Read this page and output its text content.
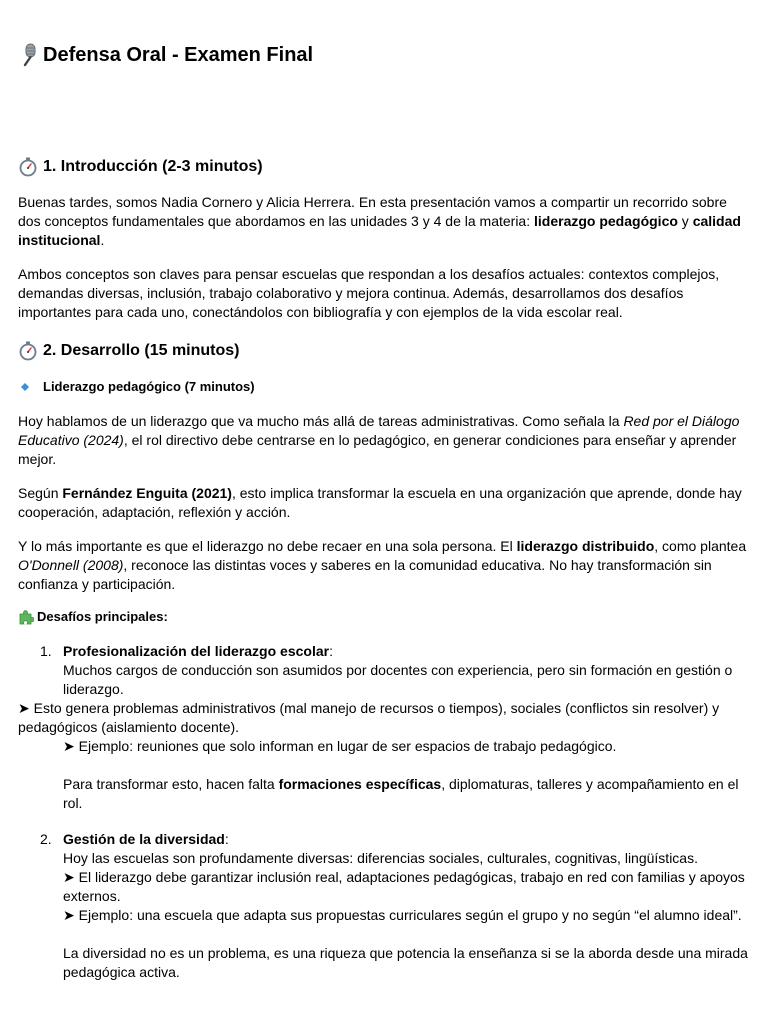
Defensa Oral - Examen Final
1. Introducción (2-3 minutos)

Buenas tardes, somos Nadia Cornero y Alicia Herrera. En esta presentación vamos a compartir un recorrido sobre dos conceptos fundamentales que abordamos en las unidades 3 y 4 de la materia: liderazgo pedagógico y calidad institucional.

Ambos conceptos son claves para pensar escuelas que respondan a los desafíos actuales: contextos complejos, demandas diversas, inclusión, trabajo colaborativo y mejora continua. Además, desarrollamos dos desafíos importantes para cada uno, conectándolos con bibliografía y con ejemplos de la vida escolar real.

2. Desarrollo (15 minutos)
Liderazgo pedagógico (7 minutos)

Hoy hablamos de un liderazgo que va mucho más allá de tareas administrativas. Como señala la Red por el Diálogo Educativo (2024), el rol directivo debe centrarse en lo pedagógico, en generar condiciones para enseñar y aprender mejor.

Según Fernández Enguita (2021), esto implica transformar la escuela en una organización que aprende, donde hay cooperación, adaptación, reflexión y acción.

Y lo más importante es que el liderazgo no debe recaer en una sola persona. El liderazgo distribuido, como plantea O'Donnell (2008), reconoce las distintas voces y saberes en la comunidad educativa. No hay transformación sin confianza y participación.

Desafíos principales:
1. Profesionalización del liderazgo escolar:
Muchos cargos de conducción son asumidos por docentes con experiencia, pero sin formación en gestión o liderazgo.
➤ Esto genera problemas administrativos (mal manejo de recursos o tiempos), sociales (conflictos sin resolver) y pedagógicos (aislamiento docente).
➤ Ejemplo: reuniones que solo informan en lugar de ser espacios de trabajo pedagógico.
Para transformar esto, hacen falta formaciones específicas, diplomaturas, talleres y acompañamiento en el rol.
2. Gestión de la diversidad:
Hoy las escuelas son profundamente diversas: diferencias sociales, culturales, cognitivas, lingüísticas.
➤ El liderazgo debe garantizar inclusión real, adaptaciones pedagógicas, trabajo en red con familias y apoyos externos.
➤ Ejemplo: una escuela que adapta sus propuestas curriculares según el grupo y no según “el alumno ideal”.
La diversidad no es un problema, es una riqueza que potencia la enseñanza si se la aborda desde una mirada pedagógica activa.
